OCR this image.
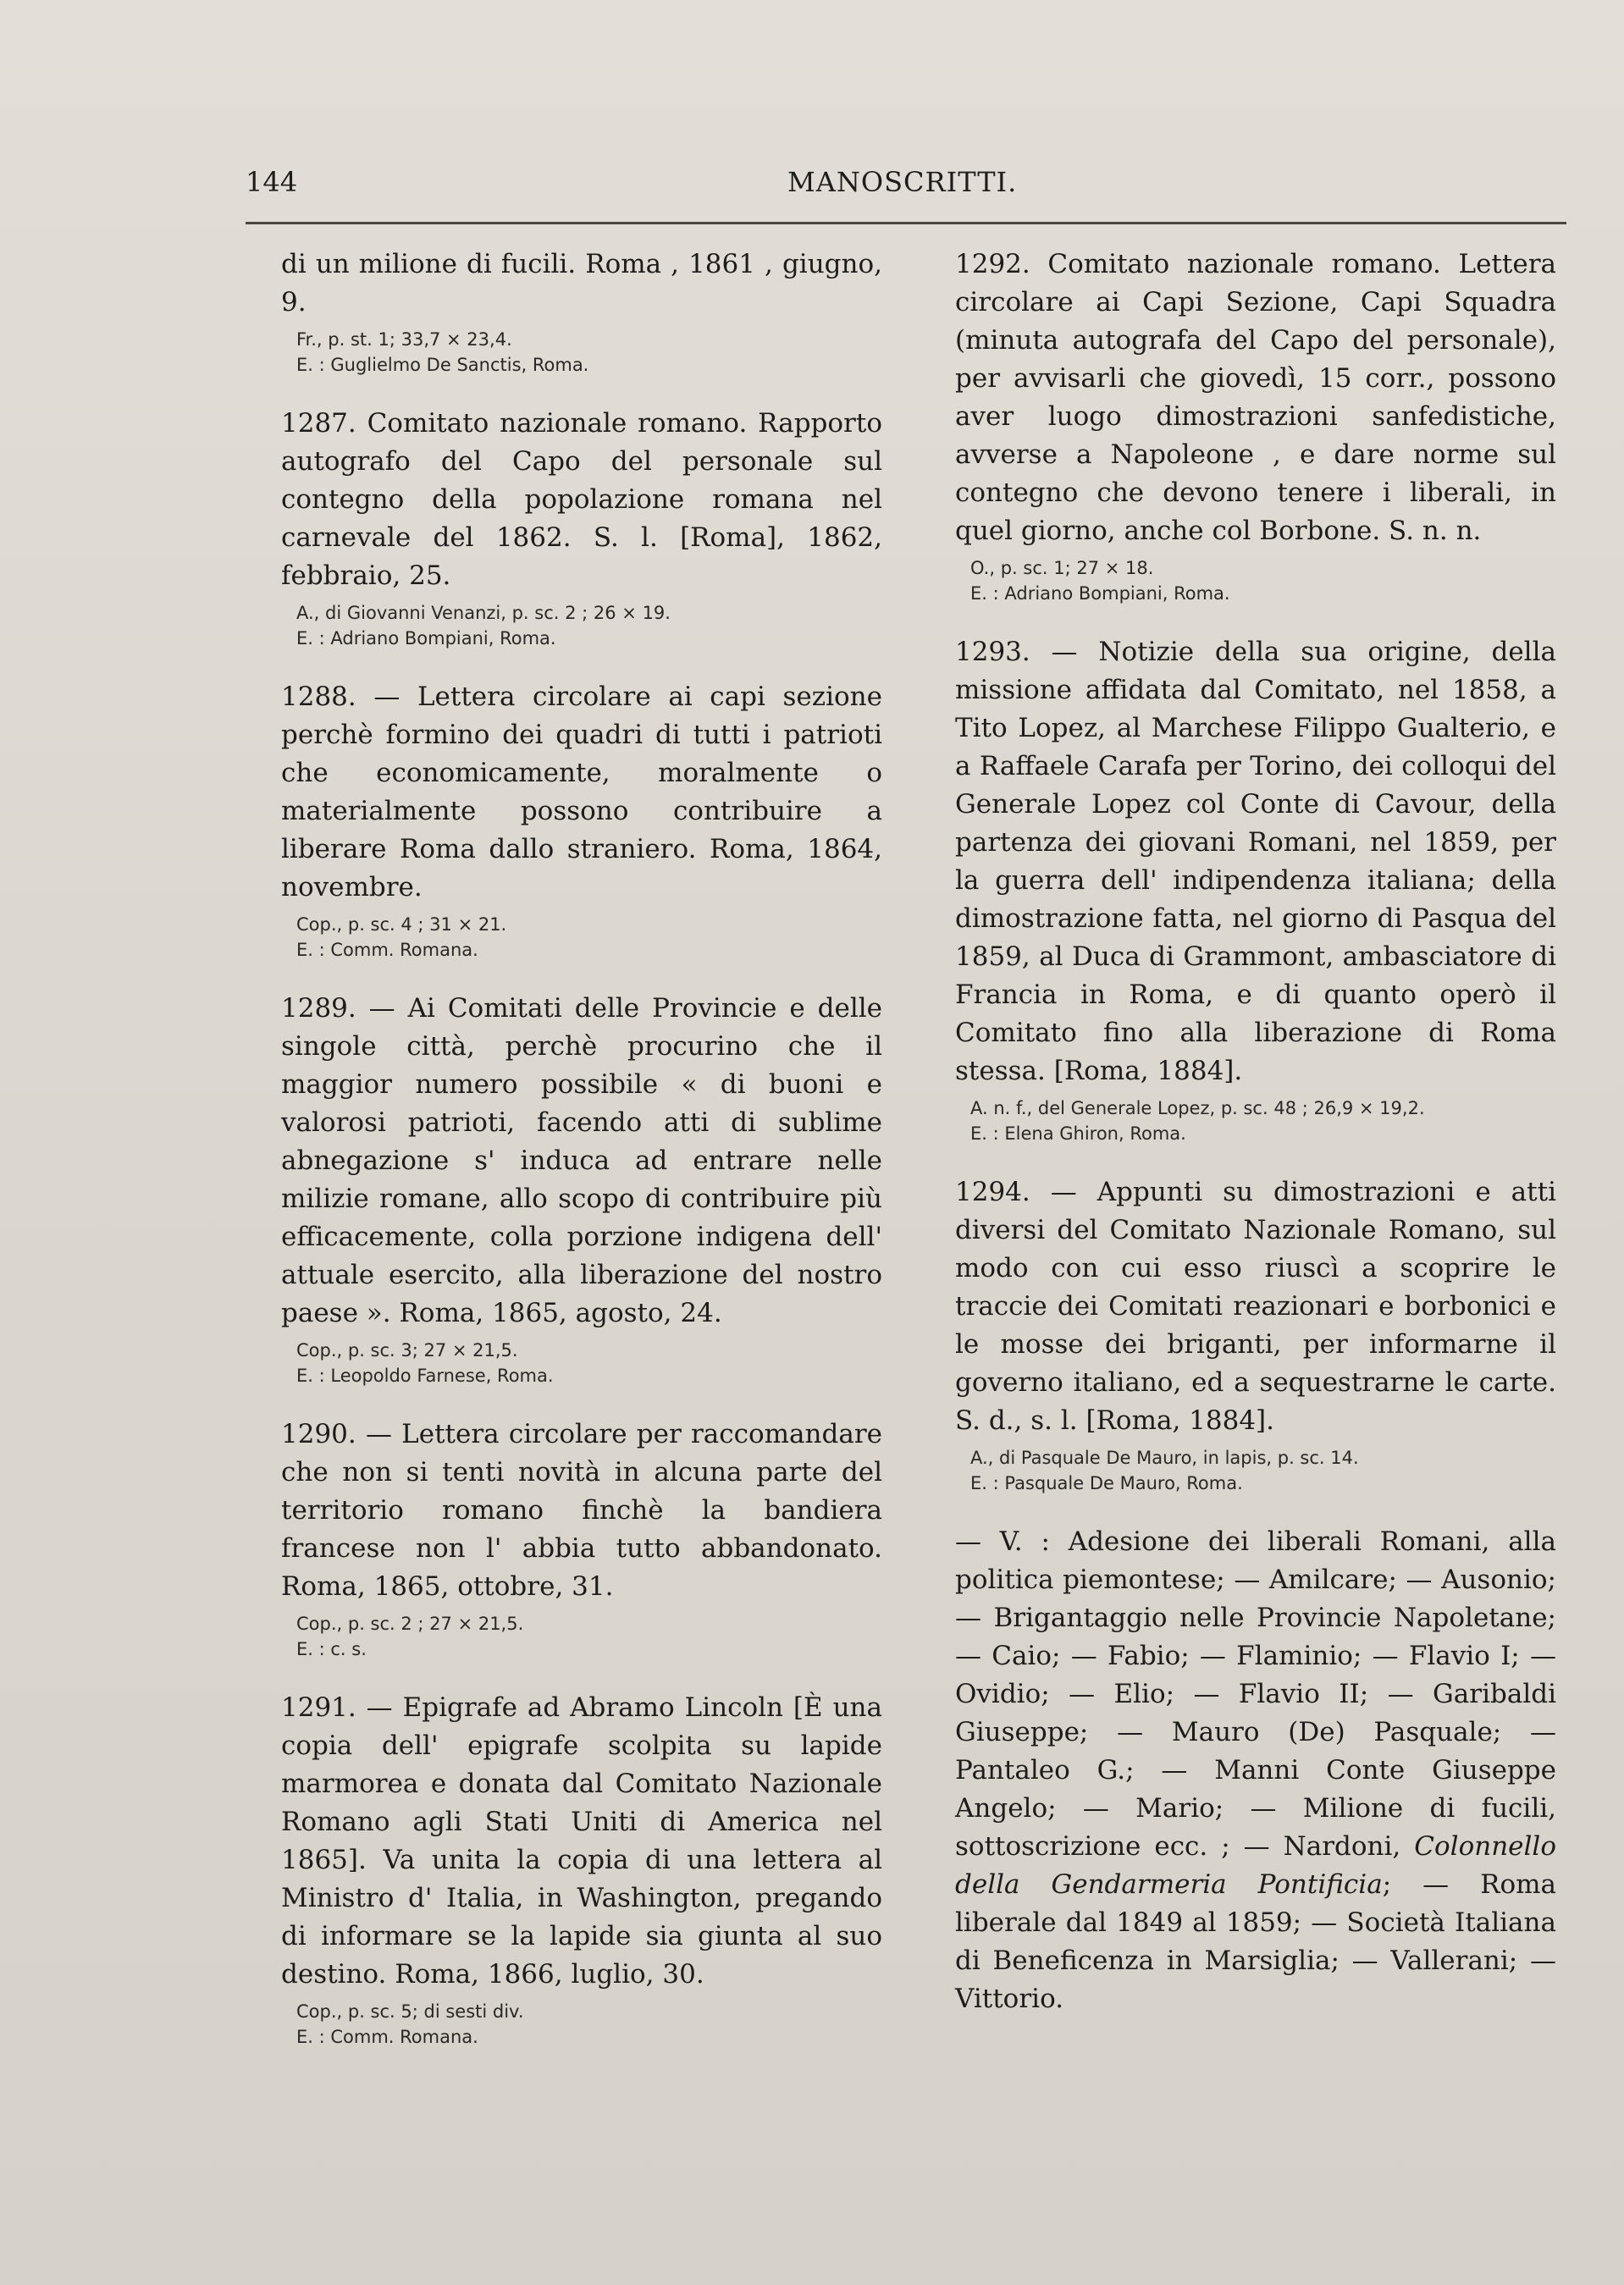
144	MANOSCRITTI.

di un milione di fucili. Roma , 1861 , giugno, 9.

Fr., p. st. 1; 33,7 × 23,4.
E. : Guglielmo De Sanctis, Roma.

1287. Comitato nazionale romano. Rapporto autografo del Capo del personale sul contegno della popolazione romana nel carnevale del 1862. S. l. [Roma], 1862, febbraio, 25.

A., di Giovanni Venanzi, p. sc. 2 ; 26 × 19.
E. : Adriano Bompiani, Roma.

1288. — Lettera circolare ai capi sezione perchè formino dei quadri di tutti i patrioti che economicamente, moralmente o materialmente possono contribuire a liberare Roma dallo straniero. Roma, 1864, novembre.

Cop., p. sc. 4 ; 31 × 21.
E. : Comm. Romana.

1289. — Ai Comitati delle Provincie e delle singole città, perchè procurino che il maggior numero possibile « di buoni e valorosi patrioti, facendo atti di sublime abnegazione s' induca ad entrare nelle milizie romane, allo scopo di contribuire più efficacemente, colla porzione indigena dell' attuale esercito, alla liberazione del nostro paese ». Roma, 1865, agosto, 24.

Cop., p. sc. 3; 27 × 21,5.
E. : Leopoldo Farnese, Roma.

1290. — Lettera circolare per raccomandare che non si tenti novità in alcuna parte del territorio romano finchè la bandiera francese non l' abbia tutto abbandonato. Roma, 1865, ottobre, 31.

Cop., p. sc. 2 ; 27 × 21,5.
E. : c. s.

1291. — Epigrafe ad Abramo Lincoln [È una copia dell' epigrafe scolpita su lapide marmorea e donata dal Comitato Nazionale Romano agli Stati Uniti di America nel 1865]. Va unita la copia di una lettera al Ministro d' Italia, in Washington, pregando di informare se la lapide sia giunta al suo destino. Roma, 1866, luglio, 30.

Cop., p. sc. 5; di sesti div.
E. : Comm. Romana.

1292. Comitato nazionale romano. Lettera circolare ai Capi Sezione, Capi Squadra (minuta autografa del Capo del personale), per avvisarli che giovedì, 15 corr., possono aver luogo dimostrazioni sanfedistiche, avverse a Napoleone , e dare norme sul contegno che devono tenere i liberali, in quel giorno, anche col Borbone. S. n. n.

O., p. sc. 1; 27 × 18.
E. : Adriano Bompiani, Roma.

1293. — Notizie della sua origine, della missione affidata dal Comitato, nel 1858, a Tito Lopez, al Marchese Filippo Gualterio, e a Raffaele Carafa per Torino, dei colloqui del Generale Lopez col Conte di Cavour, della partenza dei giovani Romani, nel 1859, per la guerra dell' indipendenza italiana; della dimostrazione fatta, nel giorno di Pasqua del 1859, al Duca di Grammont, ambasciatore di Francia in Roma, e di quanto operò il Comitato fino alla liberazione di Roma stessa. [Roma, 1884].

A. n. f., del Generale Lopez, p. sc. 48 ; 26,9 × 19,2.
E. : Elena Ghiron, Roma.

1294. — Appunti su dimostrazioni e atti diversi del Comitato Nazionale Romano, sul modo con cui esso riuscì a scoprire le traccie dei Comitati reazionari e borbonici e le mosse dei briganti, per informarne il governo italiano, ed a sequestrarne le carte. S. d., s. l. [Roma, 1884].

A., di Pasquale De Mauro, in lapis, p. sc. 14.
E. : Pasquale De Mauro, Roma.

— V. : Adesione dei liberali Romani, alla politica piemontese; — Amilcare; — Ausonio; — Brigantaggio nelle Provincie Napoletane; — Caio; — Fabio; — Flaminio; — Flavio I; — Ovidio; — Elio; — Flavio II; — Garibaldi Giuseppe; — Mauro (De) Pasquale; — Pantaleo G.; — Manni Conte Giuseppe Angelo; — Mario; — Milione di fucili, sottoscrizione ecc. ; — Nardoni, Colonnello della Gendarmeria Pontificia; — Roma liberale dal 1849 al 1859; — Società Italiana di Beneficenza in Marsiglia; — Vallerani; — Vittorio.
